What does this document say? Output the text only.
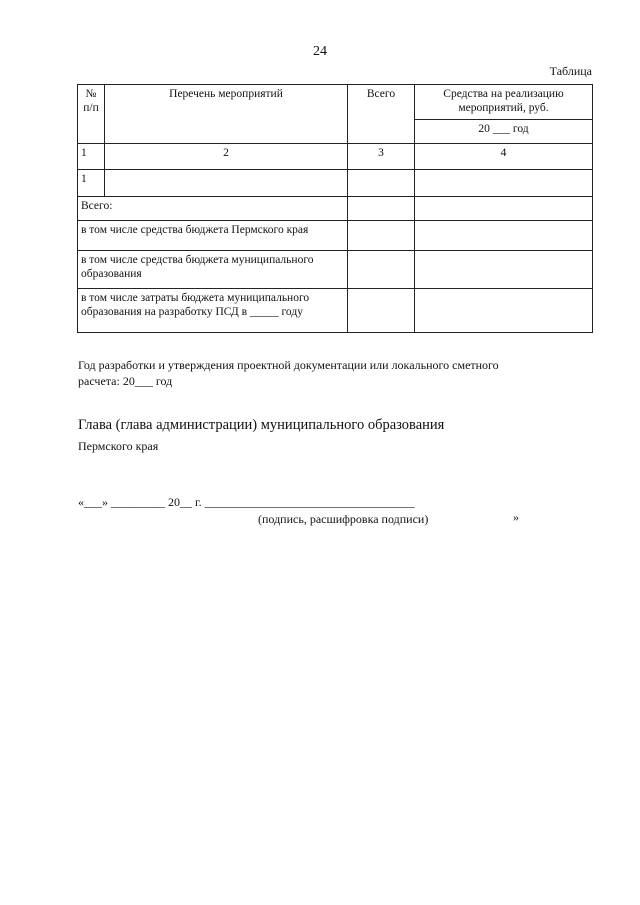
24
Таблица
№ п/п	Перечень мероприятий	Всего	Средства на реализацию мероприятий, руб.
			20 ___ год
1	2	3	4
1			
Всего:			
в том числе средства бюджета Пермского края			
в том числе средства бюджета муниципального образования			
в том числе затраты бюджета муниципального образования на разработку ПСД в _____ году			
Год разработки и утверждения проектной документации или локального сметного расчета: 20___ год
Глава (глава администрации) муниципального образования
Пермского края
«___» _________ 20__ г. ___________________________________
(подпись, расшифровка подписи)	»
